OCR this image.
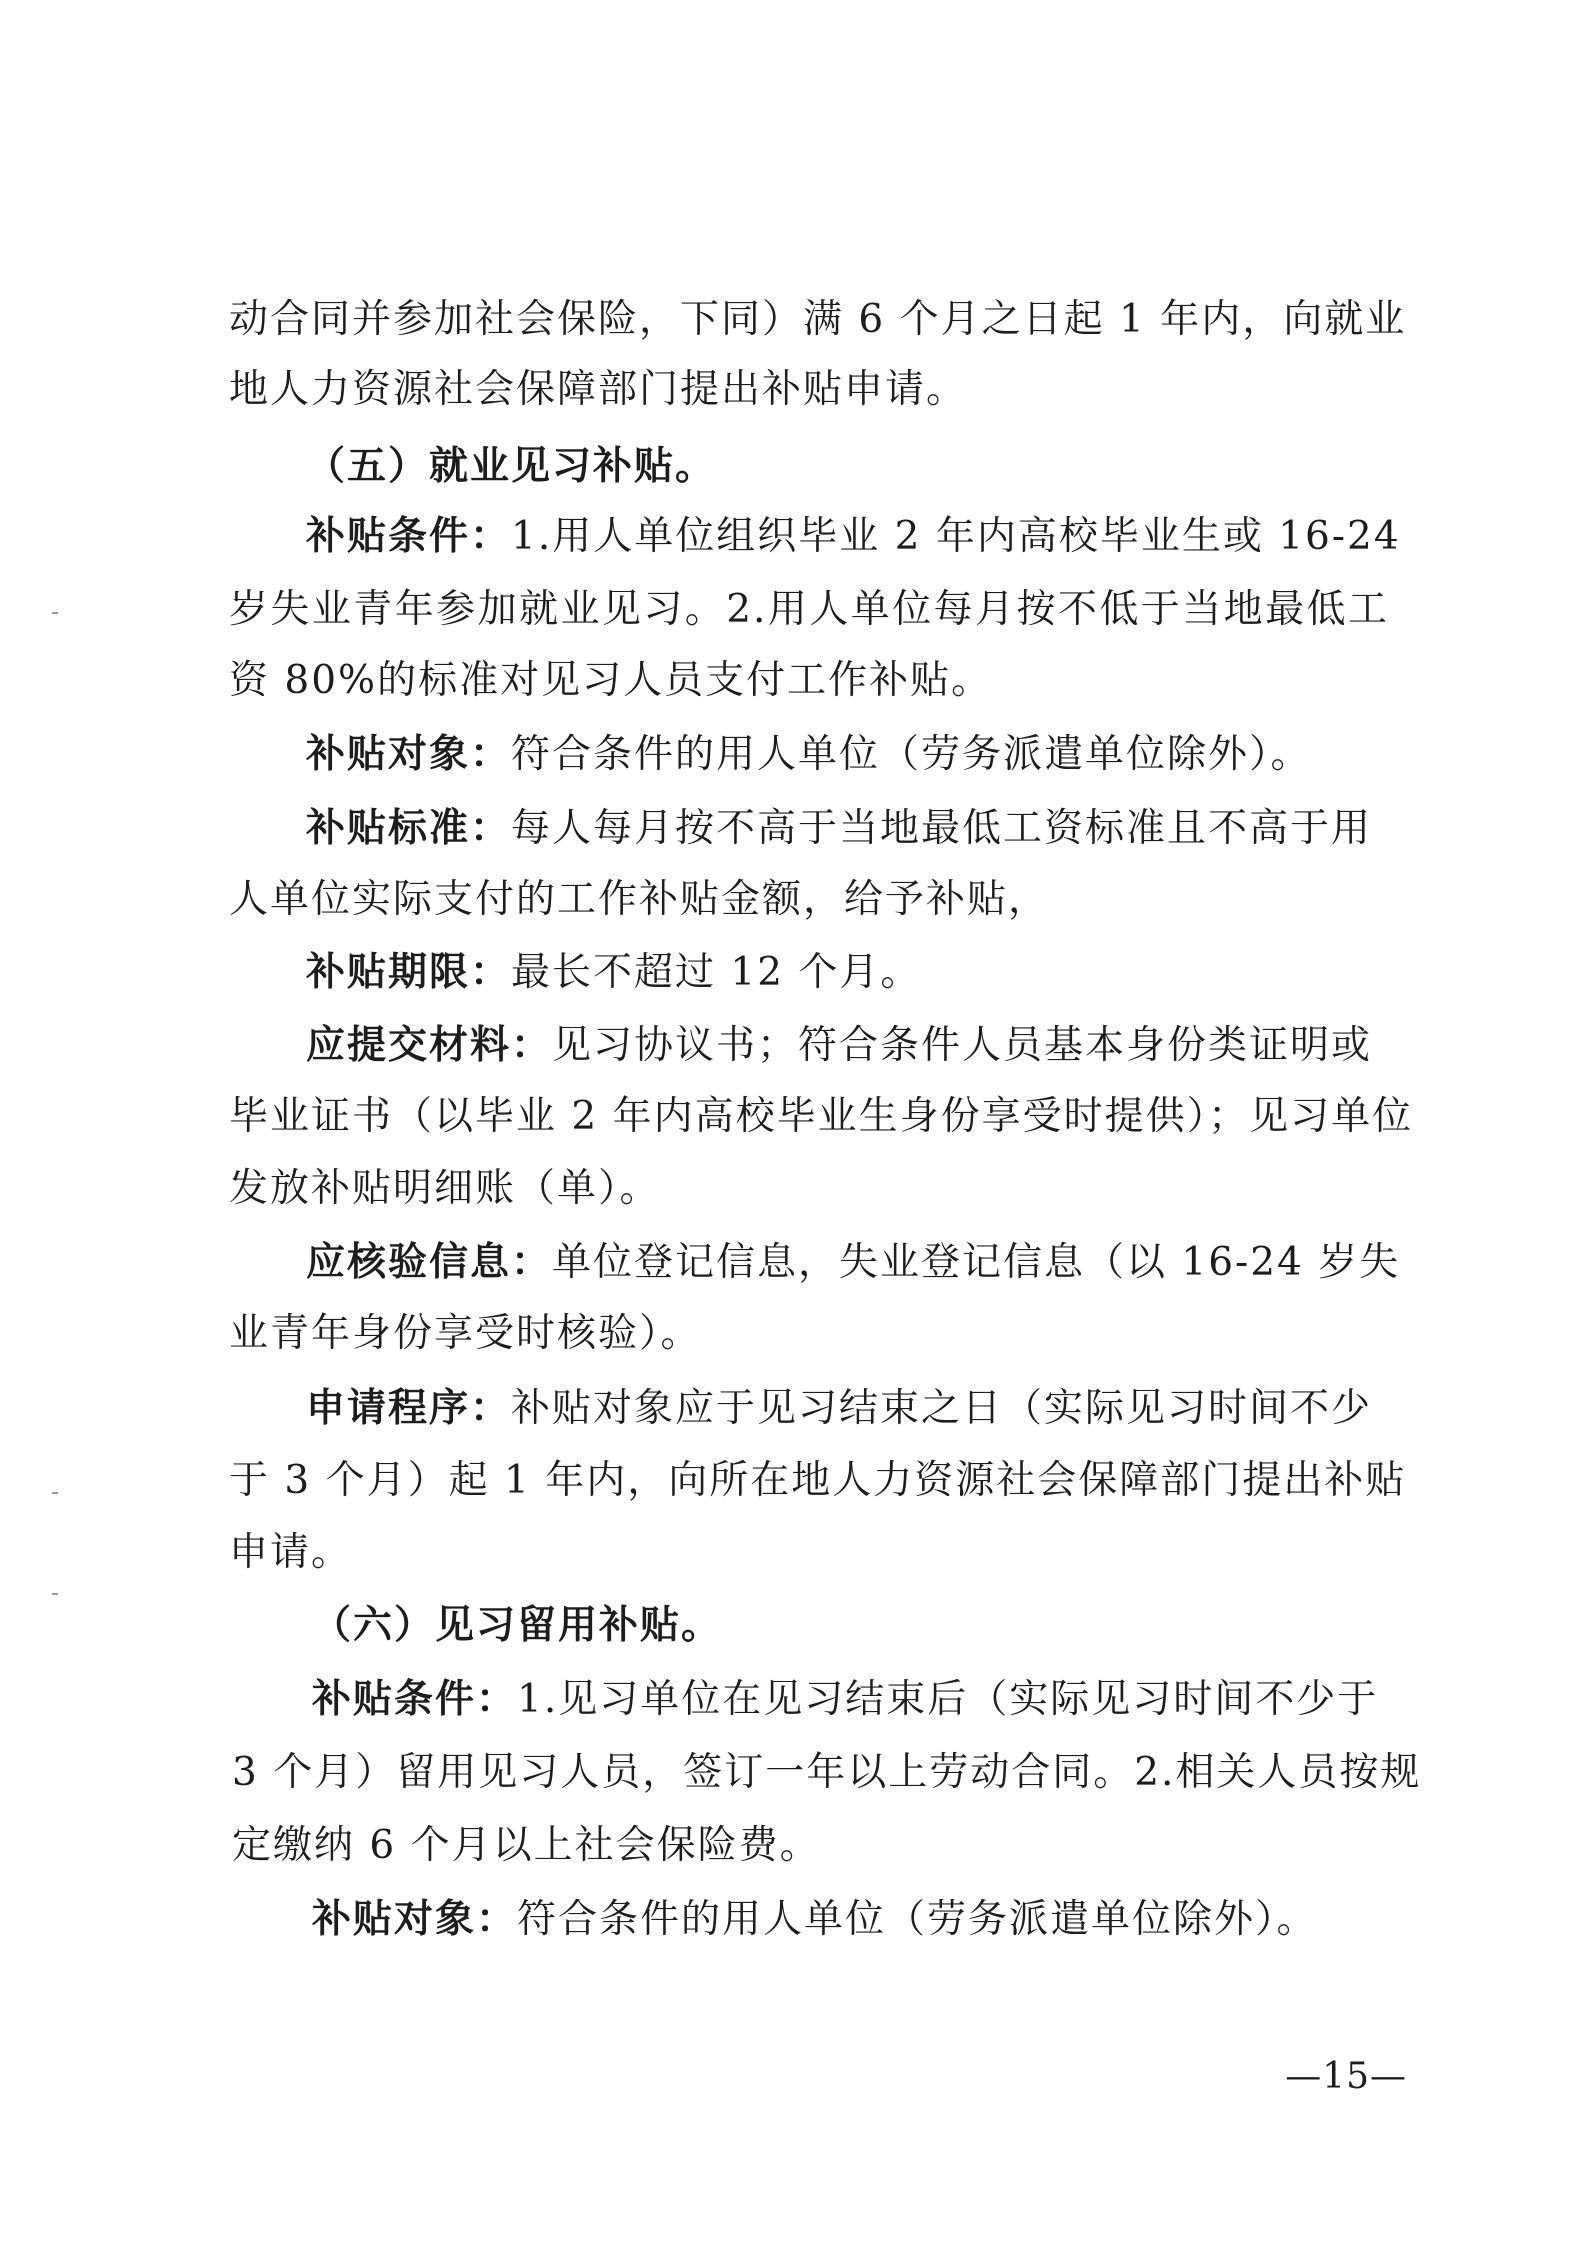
动合同并参加社会保险，下同）满 6 个月之日起 1 年内，向就业
地人力资源社会保障部门提出补贴申请。
（五）就业见习补贴。
补贴条件：1.用人单位组织毕业 2 年内高校毕业生或 16-24
岁失业青年参加就业见习。2.用人单位每月按不低于当地最低工
资 80%的标准对见习人员支付工作补贴。
补贴对象：符合条件的用人单位（劳务派遣单位除外）。
补贴标准：每人每月按不高于当地最低工资标准且不高于用
人单位实际支付的工作补贴金额，给予补贴，
补贴期限：最长不超过 12 个月。
应提交材料：见习协议书；符合条件人员基本身份类证明或
毕业证书（以毕业 2 年内高校毕业生身份享受时提供）；见习单位
发放补贴明细账（单）。
应核验信息：单位登记信息，失业登记信息（以 16-24 岁失
业青年身份享受时核验）。
申请程序：补贴对象应于见习结束之日（实际见习时间不少
于 3 个月）起 1 年内，向所在地人力资源社会保障部门提出补贴
申请。
（六）见习留用补贴。
补贴条件：1.见习单位在见习结束后（实际见习时间不少于
3 个月）留用见习人员，签订一年以上劳动合同。2.相关人员按规
定缴纳 6 个月以上社会保险费。
补贴对象：符合条件的用人单位（劳务派遣单位除外）。
—15—
